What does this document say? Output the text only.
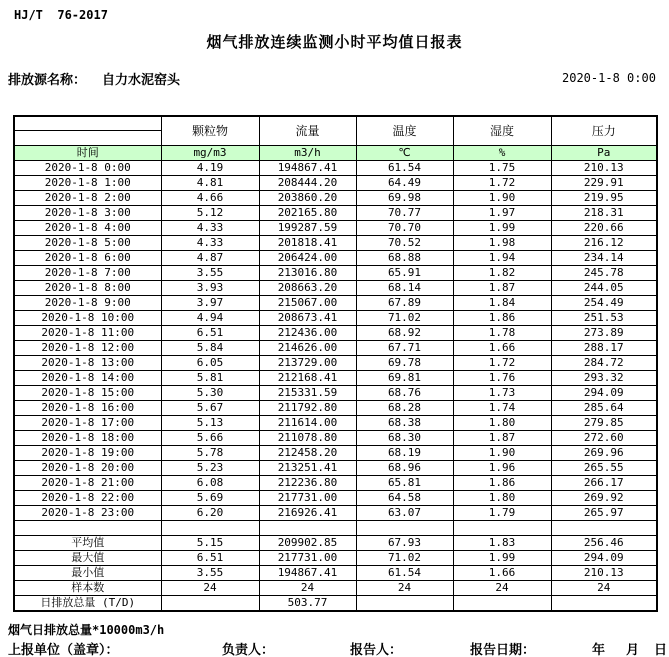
HJ/T  76-2017
烟气排放连续监测小时平均值日报表
排放源名称： 自力水泥窑头	2020-1-8 0:00
	颗粒物	流量	温度	湿度	压力
时间	mg/m3	m3/h	℃	%	Pa
2020-1-8 0:00	4.19	194867.41	61.54	1.75	210.13
2020-1-8 1:00	4.81	208444.20	64.49	1.72	229.91
2020-1-8 2:00	4.66	203860.20	69.98	1.90	219.95
2020-1-8 3:00	5.12	202165.80	70.77	1.97	218.31
2020-1-8 4:00	4.33	199287.59	70.70	1.99	220.66
2020-1-8 5:00	4.33	201818.41	70.52	1.98	216.12
2020-1-8 6:00	4.87	206424.00	68.88	1.94	234.14
2020-1-8 7:00	3.55	213016.80	65.91	1.82	245.78
2020-1-8 8:00	3.93	208663.20	68.14	1.87	244.05
2020-1-8 9:00	3.97	215067.00	67.89	1.84	254.49
2020-1-8 10:00	4.94	208673.41	71.02	1.86	251.53
2020-1-8 11:00	6.51	212436.00	68.92	1.78	273.89
2020-1-8 12:00	5.84	214626.00	67.71	1.66	288.17
2020-1-8 13:00	6.05	213729.00	69.78	1.72	284.72
2020-1-8 14:00	5.81	212168.41	69.81	1.76	293.32
2020-1-8 15:00	5.30	215331.59	68.76	1.73	294.09
2020-1-8 16:00	5.67	211792.80	68.28	1.74	285.64
2020-1-8 17:00	5.13	211614.00	68.38	1.80	279.85
2020-1-8 18:00	5.66	211078.80	68.30	1.87	272.60
2020-1-8 19:00	5.78	212458.20	68.19	1.90	269.96
2020-1-8 20:00	5.23	213251.41	68.96	1.96	265.55
2020-1-8 21:00	6.08	212236.80	65.81	1.86	266.17
2020-1-8 22:00	5.69	217731.00	64.58	1.80	269.92
2020-1-8 23:00	6.20	216926.41	63.07	1.79	265.97

平均值	5.15	209902.85	67.93	1.83	256.46
最大值	6.51	217731.00	71.02	1.99	294.09
最小值	3.55	194867.41	61.54	1.66	210.13
样本数	24	24	24	24	24
日排放总量 (T/D)		503.77			
烟气日排放总量*10000m3/h
上报单位（盖章）：	负责人：	报告人：	报告日期：	年 月 日
